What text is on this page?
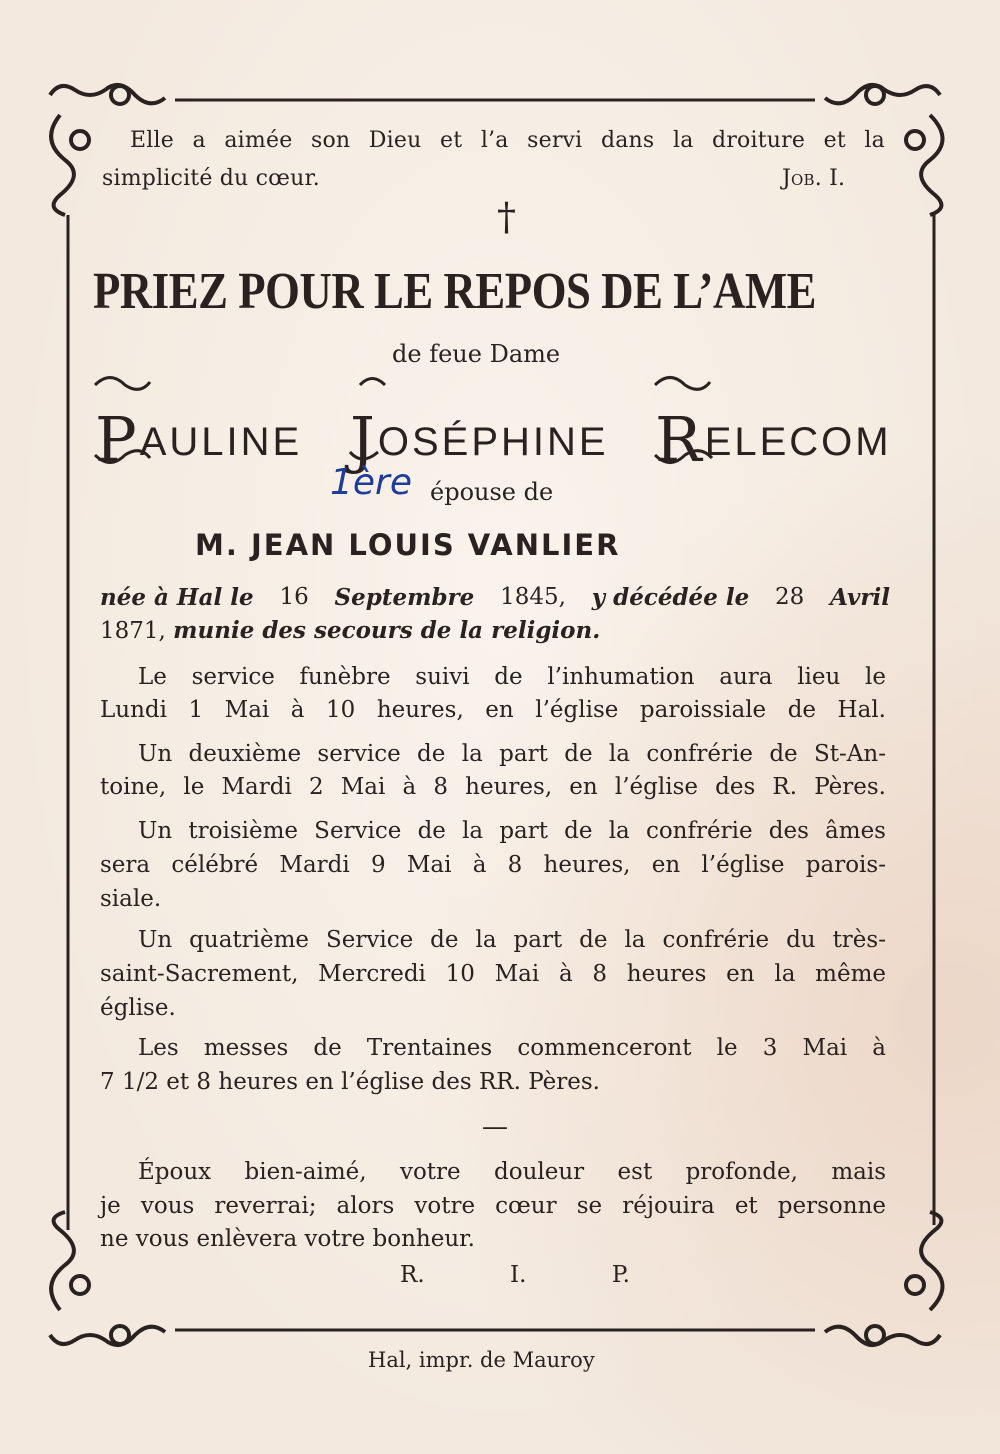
Elle a aimée son Dieu et l’a servi dans la droiture et la

simplicité du cœur.	Job. I.

†

PRIEZ POUR LE REPOS DE L’AME

de feue Dame

PAULINE JOSÉPHINE RELECOM

1ère épouse de

M. JEAN LOUIS VANLIER

née à Hal le 16 Septembre 1845, y décédée le 28 Avril

1871, munie des secours de la religion.

Le service funèbre suivi de l’inhumation aura lieu le

Lundi 1 Mai à 10 heures, en l’église paroissiale de Hal.

Un deuxième service de la part de la confrérie de St-An-

toine, le Mardi 2 Mai à 8 heures, en l’église des R. Pères.

Un troisième Service de la part de la confrérie des âmes

sera célébré Mardi 9 Mai à 8 heures, en l’église parois-

siale.

Un quatrième Service de la part de la confrérie du très-

saint-Sacrement, Mercredi 10 Mai à 8 heures en la même

église.

Les messes de Trentaines commenceront le 3 Mai à

7 1/2 et 8 heures en l’église des RR. Pères.

—

Époux bien-aimé, votre douleur est profonde, mais

je vous reverrai; alors votre cœur se réjouira et personne

ne vous enlèvera votre bonheur.

R.	I.	P.

Hal, impr. de Mauroy
